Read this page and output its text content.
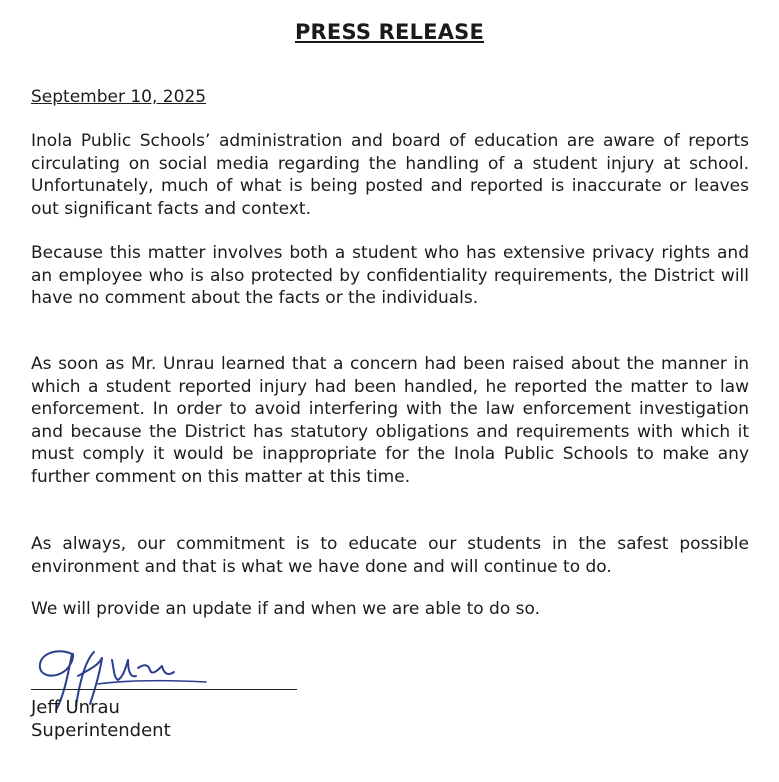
PRESS RELEASE
September 10, 2025

Inola Public Schools’ administration and board of education are aware of reports circulating on social media regarding the handling of a student injury at school. Unfortunately, much of what is being posted and reported is inaccurate or leaves out significant facts and context.

Because this matter involves both a student who has extensive privacy rights and an employee who is also protected by confidentiality requirements, the District will have no comment about the facts or the individuals.

As soon as Mr. Unrau learned that a concern had been raised about the manner in which a student reported injury had been handled, he reported the matter to law enforcement. In order to avoid interfering with the law enforcement investigation and because the District has statutory obligations and requirements with which it must comply it would be inappropriate for the Inola Public Schools to make any further comment on this matter at this time.

As always, our commitment is to educate our students in the safest possible environment and that is what we have done and will continue to do.

We will provide an update if and when we are able to do so.

Jeff Unrau
Superintendent
